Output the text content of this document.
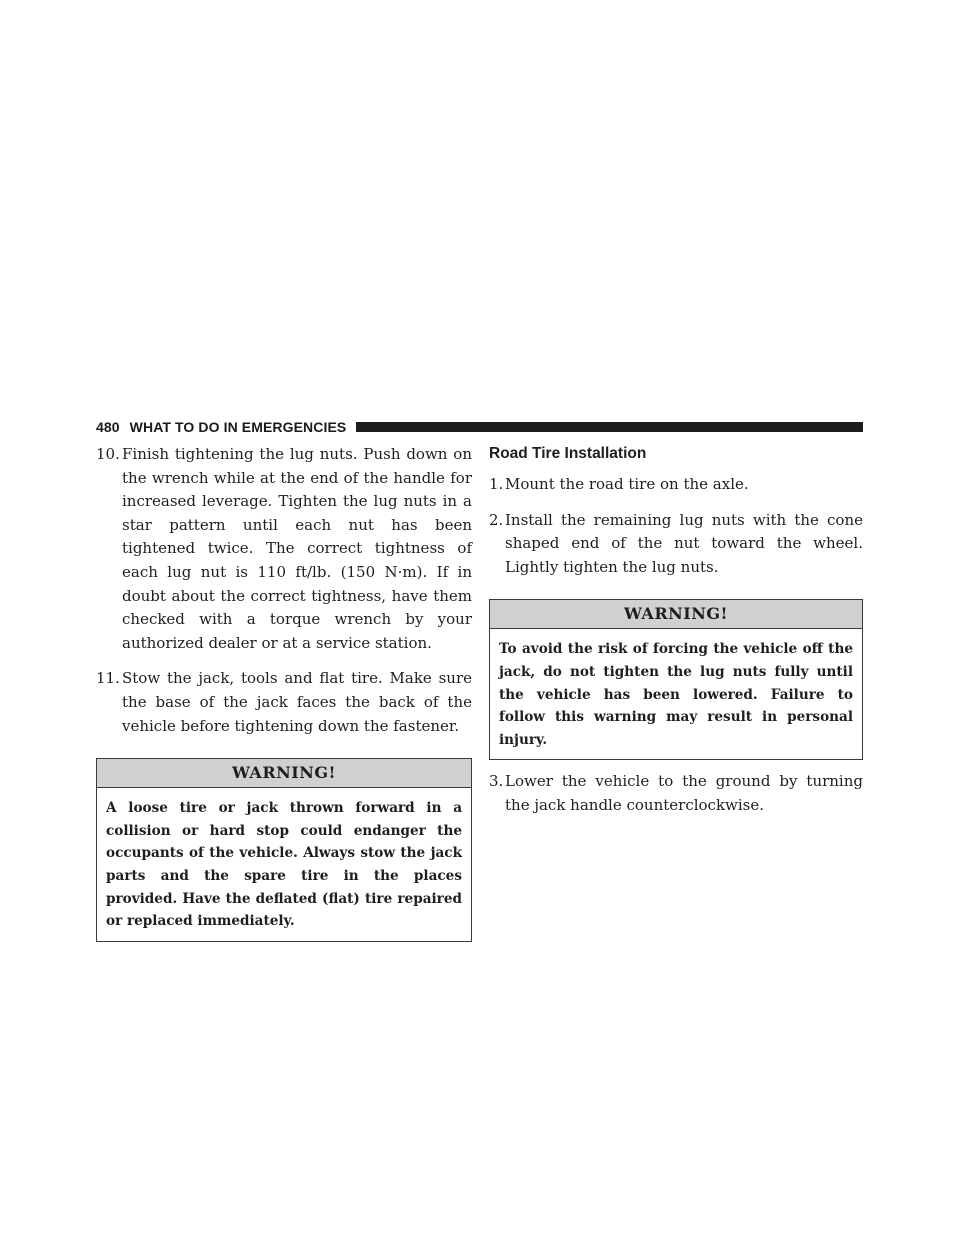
480 WHAT TO DO IN EMERGENCIES
10. Finish tightening the lug nuts. Push down on the wrench while at the end of the handle for increased leverage. Tighten the lug nuts in a star pattern until each nut has been tightened twice. The correct tightness of each lug nut is 110 ft/lb. (150 N·m). If in doubt about the correct tightness, have them checked with a torque wrench by your authorized dealer or at a service station.
11. Stow the jack, tools and flat tire. Make sure the base of the jack faces the back of the vehicle before tightening down the fastener.
WARNING!
A loose tire or jack thrown forward in a collision or hard stop could endanger the occupants of the vehicle. Always stow the jack parts and the spare tire in the places provided. Have the deflated (flat) tire repaired or replaced immediately.
Road Tire Installation
1. Mount the road tire on the axle.
2. Install the remaining lug nuts with the cone shaped end of the nut toward the wheel. Lightly tighten the lug nuts.
WARNING!
To avoid the risk of forcing the vehicle off the jack, do not tighten the lug nuts fully until the vehicle has been lowered. Failure to follow this warning may result in personal injury.
3. Lower the vehicle to the ground by turning the jack handle counterclockwise.
